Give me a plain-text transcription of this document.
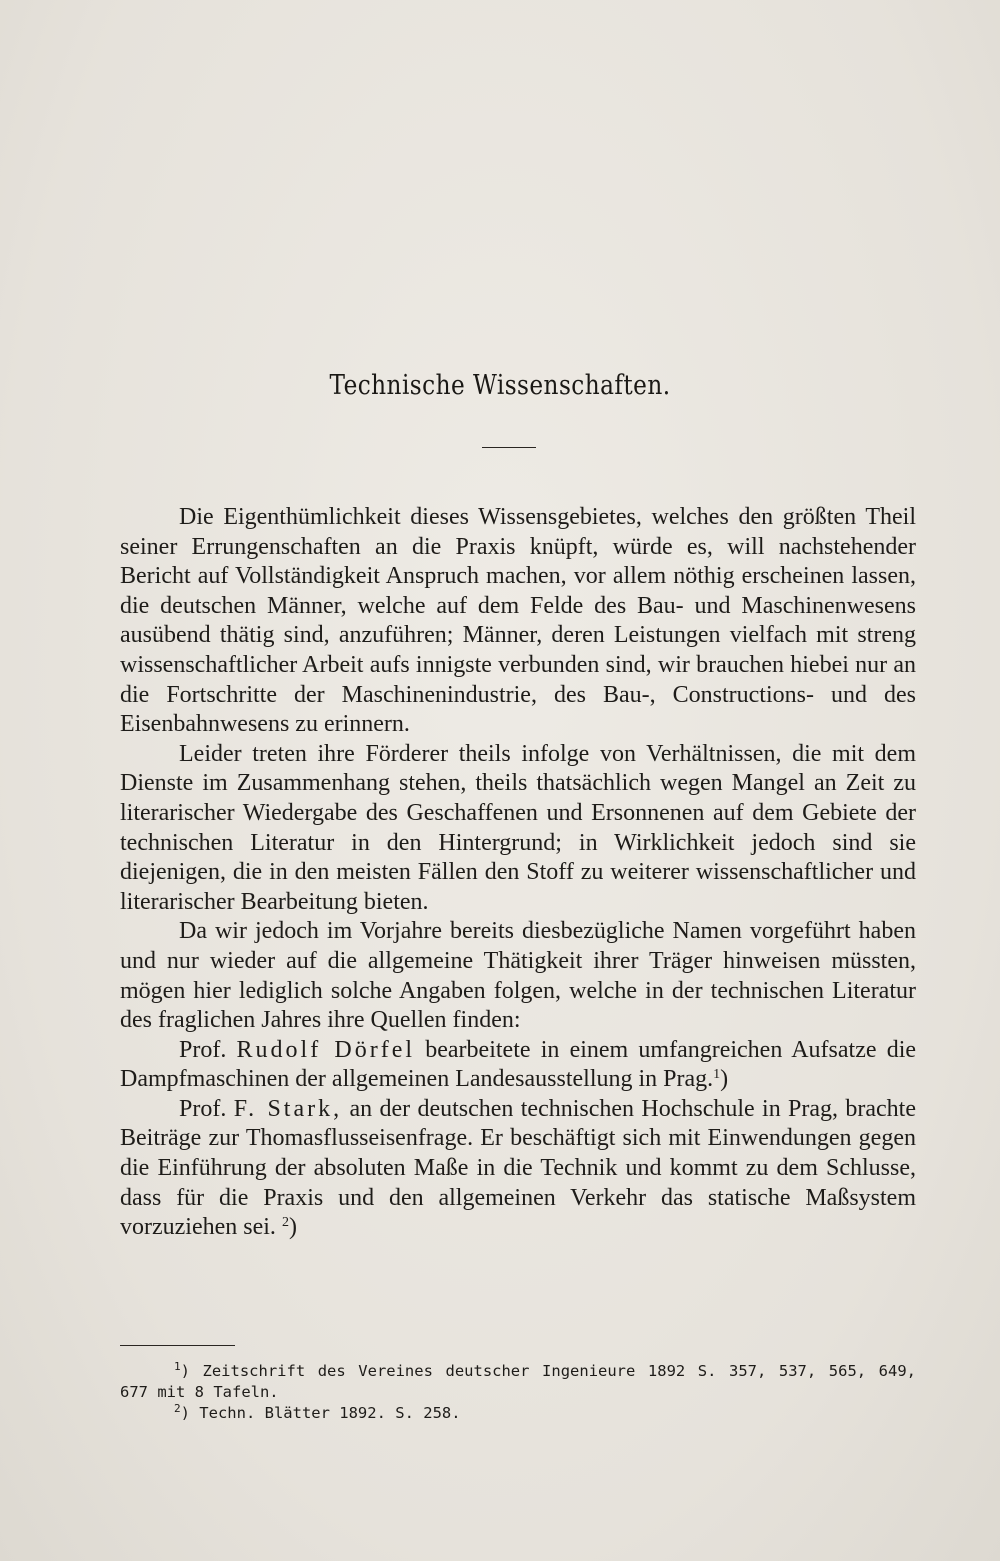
Technische Wissenschaften.

Die Eigenthümlichkeit dieses Wissensgebietes, welches den größten Theil seiner Errungenschaften an die Praxis knüpft, würde es, will nachstehender Bericht auf Vollständigkeit Anspruch machen, vor allem nöthig erscheinen lassen, die deutschen Männer, welche auf dem Felde des Bau- und Maschinenwesens ausübend thätig sind, anzuführen; Männer, deren Leistungen vielfach mit streng wissenschaftlicher Arbeit aufs innigste verbunden sind, wir brauchen hiebei nur an die Fortschritte der Maschinenindustrie, des Bau-, Constructions- und des Eisenbahnwesens zu erinnern.

Leider treten ihre Förderer theils infolge von Verhältnissen, die mit dem Dienste im Zusammenhang stehen, theils thatsächlich wegen Mangel an Zeit zu literarischer Wiedergabe des Geschaffenen und Ersonnenen auf dem Gebiete der technischen Literatur in den Hintergrund; in Wirklichkeit jedoch sind sie diejenigen, die in den meisten Fällen den Stoff zu weiterer wissenschaftlicher und literarischer Bearbeitung bieten.

Da wir jedoch im Vorjahre bereits diesbezügliche Namen vorgeführt haben und nur wieder auf die allgemeine Thätigkeit ihrer Träger hinweisen müssten, mögen hier lediglich solche Angaben folgen, welche in der technischen Literatur des fraglichen Jahres ihre Quellen finden:

Prof. Rudolf Dörfel bearbeitete in einem umfangreichen Aufsatze die Dampfmaschinen der allgemeinen Landesausstellung in Prag.$^1$)

Prof. F. Stark, an der deutschen technischen Hochschule in Prag, brachte Beiträge zur Thomasflusseisenfrage. Er beschäftigt sich mit Einwendungen gegen die Einführung der absoluten Maße in die Technik und kommt zu dem Schlusse, dass für die Praxis und den allgemeinen Verkehr das statische Maßsystem vorzuziehen sei. $^2$)

$^1$) Zeitschrift des Vereines deutscher Ingenieure 1892 S. 357, 537, 565, 649, 677 mit 8 Tafeln.

$^2$) Techn. Blätter 1892. S. 258.
